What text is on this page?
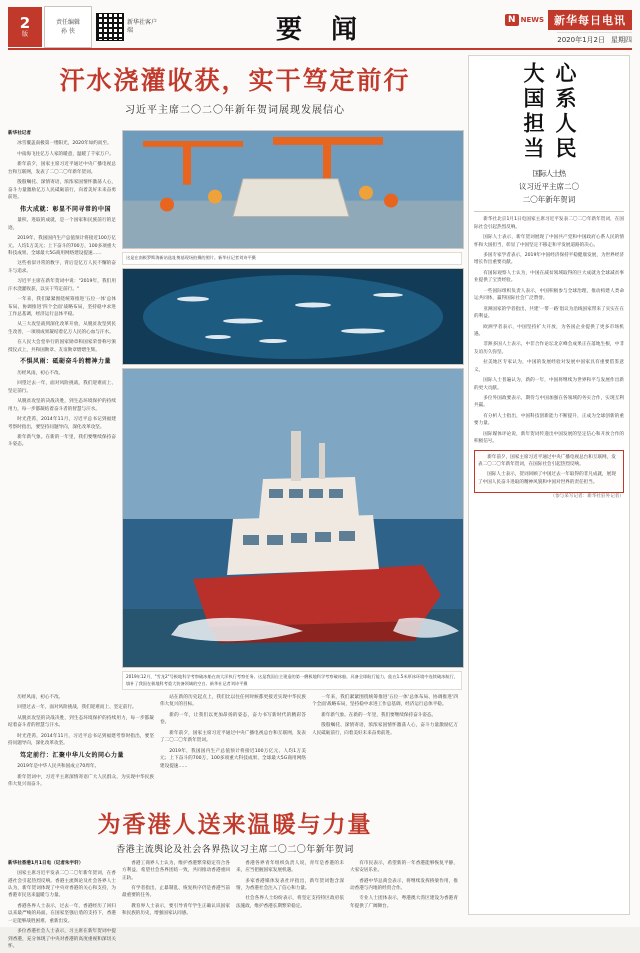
2
版
责任编辑
孙 侠
新华社客户端	要 闻	N NEWS 新华每日电讯
2020年1月2日 星期四
汗水浇灌收获，实干笃定前行
习近平主席二〇二〇年新年贺词展现发展信心

新华社记者

冰雪覆盖南极第一缕阳光，2020年如约而至。

中南海飞往亿万人家的暖意，温暖了千家万户。

新年前夕，国家主席习近平通过中央广播电视总台和互联网，发表了二〇二〇年新年贺词。

殷殷嘱托、深情寄语，浓浓家国情怀激荡人心，奋斗力量激励亿万人民砥砺前行，向着美好未来奋勇前进。

伟大成就：彰显不同寻常的中国

量积、进取的成就，是一个国家和民族前行的足迹。

2019年，我国国内生产总值预计将接近100万亿元、人均1万美元；上下奋斗的700万，100多项重大科技成果、全球最大5G商用网络建设提速……

这些看似寻常的数字，背后是亿万人民不懈的奋斗与追求。

习近平主席在新年贺词中说："2019年，我们用汗水浇灌收获，以实干笃定前行。"

一年来，我们紧紧围绕统筹推进'五位一体'总体布局、协调推进'四个全面'战略布局，坚持稳中求进工作总基调，经济运行总体平稳。

从三大攻坚战到深化改革开放，从脱贫攻坚到民生改善，一项项成果凝结着亿万人民的心血与汗水。

在人民大会堂举行的国家勋章和国家荣誉称号颁授仪式上，共和国勋章、友谊勋章熠熠生辉。

不惧风雨：砥砺奋斗的精神力量

历经风雨，初心不改。

回望过去一年，面对风险挑战，我们迎难而上、坚定前行。

从脱贫攻坚的决战决胜，到生态环境保护的持续用力，每一步都凝结着奋斗者的智慧与汗水。

时光荏苒，2014年11月，习近平总书记到福建考察时指出，要坚持问题导向，深化改革攻坚。

新年新气象。在新的一年里，我们要继续保持奋斗姿态。

这是在南极罗斯海新站选址奠基现场拍摄的照片。新华社记者刘诗平摄
2019年12月，"雪龙2"号极地科学考察破冰船在南大洋执行考察任务。这是我国自主建造的第一艘极地科学考察破冰船，具备全球航行能力，能在1.5米厚冰环境中连续破冰航行，填补了我国在极地科考重大装备领域的空白。新华社记者刘诗平摄

历经风雨，初心不改。

回望过去一年，面对风险挑战，我们迎难而上、坚定前行。

从脱贫攻坚的决战决胜，到生态环境保护的持续用力，每一步都凝结着奋斗者的智慧与汗水。

时光荏苒，2014年11月，习近平总书记到福建考察时指出，要坚持问题导向，深化改革攻坚。

笃定前行：汇聚中华儿女的同心力量

2019年是中华人民共和国成立70周年。

新年贺词中，习近平主席深情寄语广大人民群众，为实现中华民族伟大复兴而奋斗。

站在新的历史起点上，我们比以往任何时候都更接近实现中华民族伟大复兴的目标。

新的一年，让我们以更加昂扬的姿态，奋力书写新时代的精彩答卷。

新年前夕，国家主席习近平通过中央广播电视总台和互联网，发表了二〇二〇年新年贺词。

2019年，我国国内生产总值预计将接近100万亿元、人均1万美元；上下奋斗的700万，100多项重大科技成果、全球最大5G商用网络建设提速……

一年来，我们紧紧围绕统筹推进'五位一体'总体布局、协调推进'四个全面'战略布局，坚持稳中求进工作总基调，经济运行总体平稳。

新年新气象。在新的一年里，我们要继续保持奋斗姿态。

殷殷嘱托、深情寄语，浓浓家国情怀激荡人心，奋斗力量激励亿万人民砥砺前行，向着美好未来奋勇前进。

为香港人送来温暖与力量
香港主流舆论及社会各界热议习主席二〇二〇年新年贺词

新华社香港1月1日电（记者朱宇轩）

国家主席习近平发表二〇二〇年新年贺词，在香港社会引起热烈反响。香港主流舆论及社会各界人士认为，新年贺词体现了中央对香港的关心和支持，为香港市民送来温暖与力量。

香港各界人士表示，过去一年，香港经历了回归以来最严峻的局面。在国家坚强后盾的支持下，香港一定能够战胜困难、重新出发。

多位香港社会人士表示，习主席在新年贺词中提到香港，充分体现了中央对香港的高度重视和深切关怀。

香港工商界人士认为，维护香港繁荣稳定符合各方利益，希望社会各界团结一致，共同推动香港重回正轨。

有学者指出，止暴制乱、恢复秩序仍是香港当前最重要的任务。

教育界人士表示，要引导青年学生正确认识国家和民族的历史，增强国家认同感。

香港各界青年组织负责人说，青年是香港的未来，应当把握国家发展机遇。

多家香港媒体发表社评指出，新年贺词饱含深情，为香港社会注入了信心和力量。

社会各界人士纷纷表示，将坚定支持特区政府依法施政，维护香港长期繁荣稳定。

有市民表示，希望新的一年香港能够恢复平静，大家安居乐业。

香港中华总商会表示，将继续发挥桥梁作用，推动香港与内地的经贸合作。

专业人士团体表示，粤港澳大湾区建设为香港青年提供了广阔舞台。

心系人民
大国担当
国际人士热
议习近平主席二〇
二〇年新年贺词

新华社北京1月1日电国家主席习近平发表二〇二〇年新年贺词，在国际社会引起热烈反响。

国际人士表示，新年贺词展现了中国共产党和中国政府心系人民的情怀和大国担当，彰显了中国坚定不移走和平发展道路的决心。

多国专家学者表示，2019年中国经济保持平稳健康发展，为世界经济增长作出重要贡献。

有国际观察人士认为，中国在减贫领域取得的巨大成就为全球减贫事业提供了宝贵经验。

一些国际组织负责人表示，中国积极参与全球治理，推动构建人类命运共同体，赢得国际社会广泛赞誉。

亚洲国家的学者指出，共建'一带一路'倡议为沿线国家带来了实实在在的利益。

欧洲学者表示，中国坚持扩大开放，为各国企业提供了更多市场机遇。

非洲多国人士表示，中非合作论坛北京峰会成果正在落地生根，中非友谊历久弥坚。

拉美地区专家认为，中国的发展经验对发展中国家具有重要借鉴意义。

国际人士普遍认为，新的一年，中国将继续为世界和平与发展作出新的更大贡献。

多位外国政要表示，期待与中国加强在各领域的务实合作，实现互利共赢。

有分析人士指出，中国科技创新能力不断提升，正成为全球创新的重要力量。

国际媒体评论说，新年贺词传递出中国发展的坚定信心和开放合作的积极信号。

新年前夕，国家主席习近平通过中央广播电视总台和互联网，发表二〇二〇年新年贺词，在国际社会引起热烈反响。

国际人士表示，贺词回顾了中国过去一年取得的非凡成就，展现了中国人民奋斗进取的精神风貌和中国对世界的责任担当。

（参与采写记者：新华社驻外记者）
